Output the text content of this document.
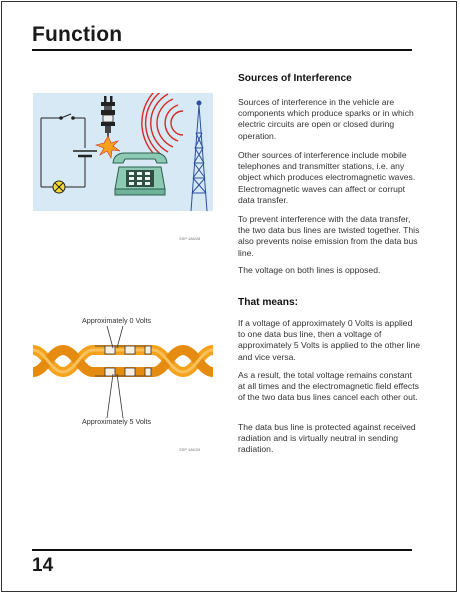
Function
SSP 186/28
Approximately 0 Volts
Approximately 5 Volts
SSP 186/29
Sources of Interference
Sources of interference in the vehicle are components which produce sparks or in which electric circuits are open or closed during operation.
Other sources of interference include mobile telephones and transmitter stations, i.e. any object which produces electromagnetic waves. Electromagnetic waves can affect or corrupt data transfer.
To prevent interference with the data transfer, the two data bus lines are twisted together. This also prevents noise emission from the data bus line.
The voltage on both lines is opposed.
That means:
If a voltage of approximately 0 Volts is applied to one data bus line, then a voltage of approximately 5 Volts is applied to the other line and vice versa.
As a result, the total voltage remains constant at all times and the electromagnetic field effects of the two data bus lines cancel each other out.
The data bus line is protected against received radiation and is virtually neutral in sending radiation.
14
